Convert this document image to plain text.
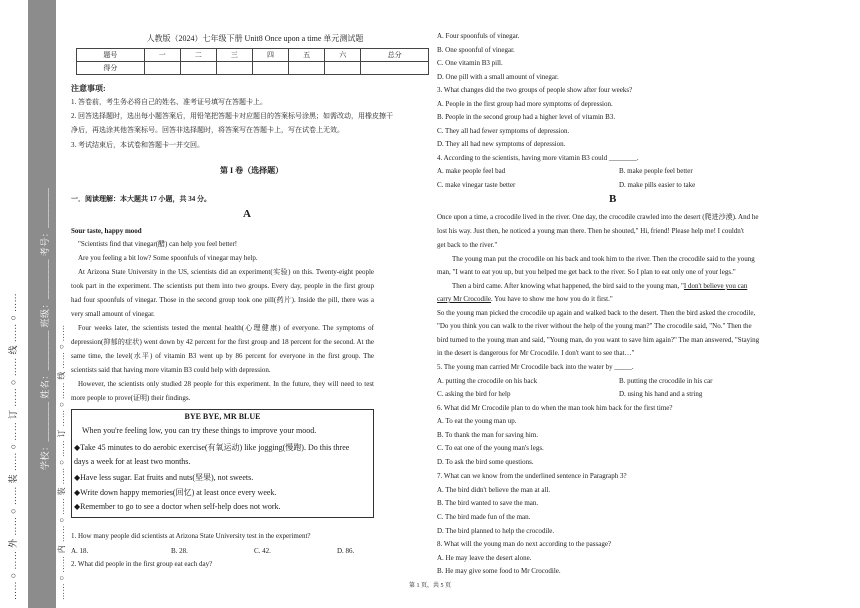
…… ○ …… 外 …… ○ …… 装 …… ○ …… 订 …… ○ …… 线 …… ○ …… 学校：________ 姓名：________ 班级：________ 考号：________ …… ○ …… 内 …… ○ …… 装 …… ○ …… 订 …… ○ …… 线 …… ○ ……
人教版（2024）七年级下册 Unit8 Once upon a time 单元测试题
题号	一	二	三	四	五	六	总分
得分							
注意事项:
1. 答卷前，考生务必将自己的姓名、准考证号填写在答题卡上。
2. 回答选择题时，选出每小题答案后，用铅笔把答题卡对应题目的答案标号涂黑；如需改动，用橡皮擦干
净后，再选涂其他答案标号。回答非选择题时，将答案写在答题卡上，写在试卷上无效。
3. 考试结束后，本试卷和答题卡一并交回。
第 I 卷（选择题）
一．阅读理解：本大题共 17 小题，共 34 分。
A
Sour taste, happy mood
"Scientists find that vinegar(醋) can help you feel better!
Are you feeling a bit low? Some spoonfuls of vinegar may help.
At Arizona State University in the US, scientists did an experiment(实验) on this. Twenty-eight people took part in the experiment. The scientists put them into two groups. Every day, people in the first group had four spoonfuls of vinegar. Those in the second group took one pill(药片). Inside the pill, there was a very small amount of vinegar.
Four weeks later, the scientists tested the mental health(心理健康) of everyone. The symptoms of depression(抑郁的症状) went down by 42 percent for the first group and 18 percent for the second. At the same time, the level(水平) of vitamin B3 went up by 86 percent for everyone in the first group. The scientists said that having more vitamin B3 could help with depression.
However, the scientists only studied 28 people for this experiment. In the future, they will need to test more people to prove(证明) their findings.
BYE BYE, MR BLUE
When you're feeling low, you can try these things to improve your mood.
◆Take 45 minutes to do aerobic exercise(有氧运动) like jogging(慢跑). Do this three
days a week for at least two months.
◆Have less sugar. Eat fruits and nuts(坚果), not sweets.
◆Write down happy memories(回忆) at least once every week.
◆Remember to go to see a doctor when self-help does not work.
1. How many people did scientists at Arizona State University test in the experiment?
A. 18.	B. 28.	C. 42.	D. 86.
2. What did people in the first group eat each day?
A. Four spoonfuls of vinegar.
B. One spoonful of vinegar.
C. One vitamin B3 pill.
D. One pill with a small amount of vinegar.
3. What changes did the two groups of people show after four weeks?
A. People in the first group had more symptoms of depression.
B. People in the second group had a higher level of vitamin B3.
C. They all had fewer symptoms of depression.
D. They all had new symptoms of depression.
4. According to the scientists, having more vitamin B3 could ________.
A. make people feel bad	B. make people feel better
C. make vinegar taste better	D. make pills easier to take
B
Once upon a time, a crocodile lived in the river. One day, the crocodile crawled into the desert (爬进沙漠). And he
lost his way. Just then, he noticed a young man there. Then he shouted," Hi, friend! Please help me! I couldn't
get back to the river."
The young man put the crocodile on his back and took him to the river. Then the crocodile said to the young
man, "I want to eat you up, but you helped me get back to the river. So I plan to eat only one of your legs."
Then a bird came. After knowing what happened, the bird said to the young man, "I don't believe you can
carry Mr Crocodile. You have to show me how you do it first."
So the young man picked the crocodile up again and walked back to the desert. Then the bird asked the crocodile,
"Do you think you can walk to the river without the help of the young man?" The crocodile said, "No." Then the
bird turned to the young man and said, "Young man, do you want to save him again?" The man answered, "Staying
in the desert is dangerous for Mr Crocodile. I don't want to see that…"
5. The young man carried Mr Crocodile back into the water by _____.
A. putting the crocodile on his back	B. putting the crocodile in his car
C. asking the bird for help	D. using his hand and a string
6. What did Mr Crocodile plan to do when the man took him back for the first time?
A. To eat the young man up.
B. To thank the man for saving him.
C. To eat one of the young man's legs.
D. To ask the bird some questions.
7. What can we know from the underlined sentence in Paragraph 3?
A. The bird didn't believe the man at all.
B. The bird wanted to save the man.
C. The bird made fun of the man.
D. The bird planned to help the crocodile.
8. What will the young man do next according to the passage?
A. He may leave the desert alone.
B. He may give some food to Mr Crocodile.
第 1 页，共 5 页
